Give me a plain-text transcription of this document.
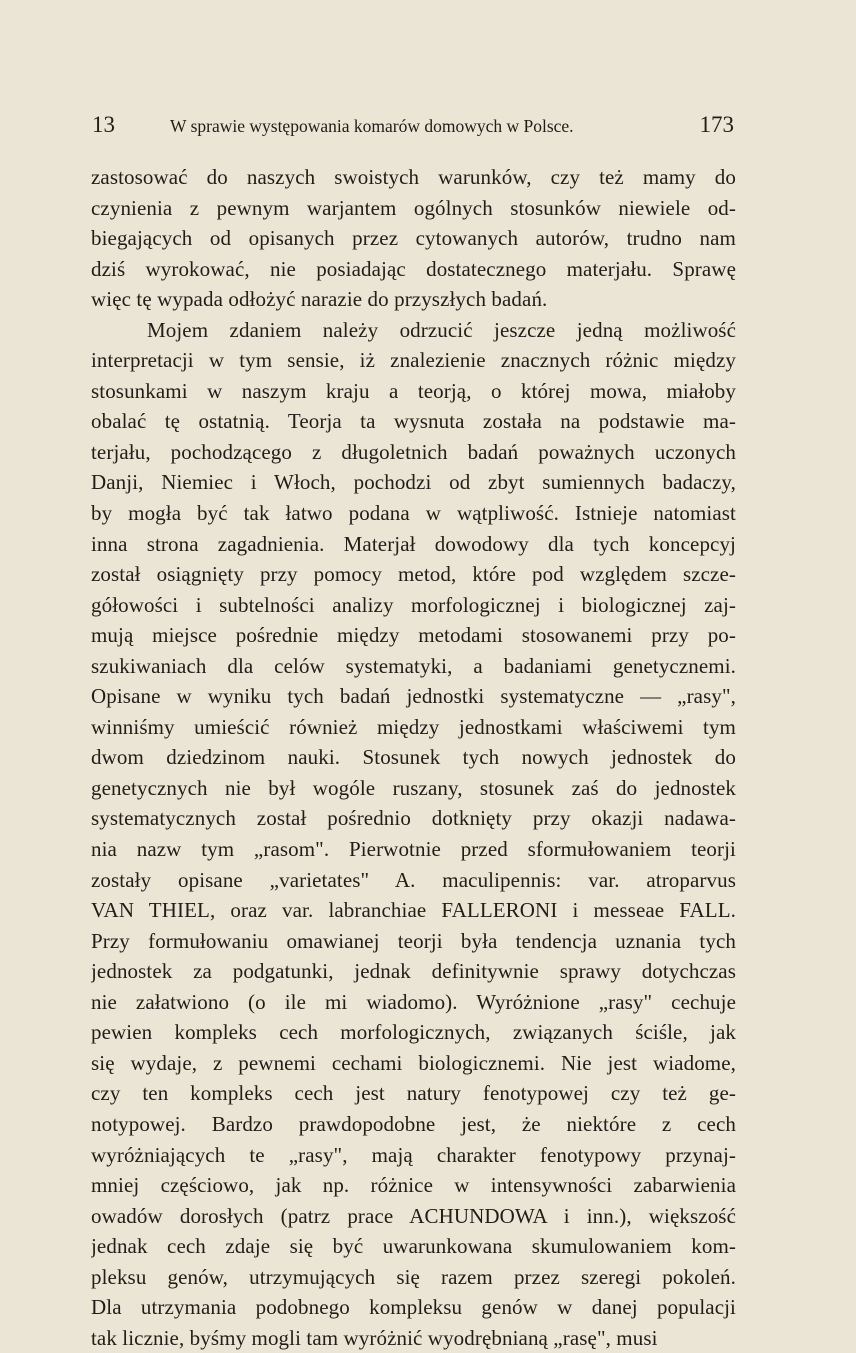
13	W sprawie występowania komarów domowych w Polsce.	173
zastosować do naszych swoistych warunków, czy też mamy do
czynienia z pewnym warjantem ogólnych stosunków niewiele od-
biegających od opisanych przez cytowanych autorów, trudno nam
dziś wyrokować, nie posiadając dostatecznego materjału. Sprawę
więc tę wypada odłożyć narazie do przyszłych badań.
Mojem zdaniem należy odrzucić jeszcze jedną możliwość
interpretacji w tym sensie, iż znalezienie znacznych różnic między
stosunkami w naszym kraju a teorją, o której mowa, miałoby
obalać tę ostatnią. Teorja ta wysnuta została na podstawie ma-
terjału, pochodzącego z długoletnich badań poważnych uczonych
Danji, Niemiec i Włoch, pochodzi od zbyt sumiennych badaczy,
by mogła być tak łatwo podana w wątpliwość. Istnieje natomiast
inna strona zagadnienia. Materjał dowodowy dla tych koncepcyj
został osiągnięty przy pomocy metod, które pod względem szcze-
gółowości i subtelności analizy morfologicznej i biologicznej zaj-
mują miejsce pośrednie między metodami stosowanemi przy po-
szukiwaniach dla celów systematyki, a badaniami genetycznemi.
Opisane w wyniku tych badań jednostki systematyczne — „rasy",
winniśmy umieścić również między jednostkami właściwemi tym
dwom dziedzinom nauki. Stosunek tych nowych jednostek do
genetycznych nie był wogóle ruszany, stosunek zaś do jednostek
systematycznych został pośrednio dotknięty przy okazji nadawa-
nia nazw tym „rasom". Pierwotnie przed sformułowaniem teorji
zostały opisane „varietates" A. maculipennis: var. atroparvus
VAN THIEL, oraz var. labranchiae FALLERONI i messeae FALL.
Przy formułowaniu omawianej teorji była tendencja uznania tych
jednostek za podgatunki, jednak definitywnie sprawy dotychczas
nie załatwiono (o ile mi wiadomo). Wyróżnione „rasy" cechuje
pewien kompleks cech morfologicznych, związanych ściśle, jak
się wydaje, z pewnemi cechami biologicznemi. Nie jest wiadome,
czy ten kompleks cech jest natury fenotypowej czy też ge-
notypowej. Bardzo prawdopodobne jest, że niektóre z cech
wyróżniających te „rasy", mają charakter fenotypowy przynaj-
mniej częściowo, jak np. różnice w intensywności zabarwienia
owadów dorosłych (patrz prace ACHUNDOWA i inn.), większość
jednak cech zdaje się być uwarunkowana skumulowaniem kom-
pleksu genów, utrzymujących się razem przez szeregi pokoleń.
Dla utrzymania podobnego kompleksu genów w danej populacji
tak licznie, byśmy mogli tam wyróżnić wyodrębnianą „rasę", musi
